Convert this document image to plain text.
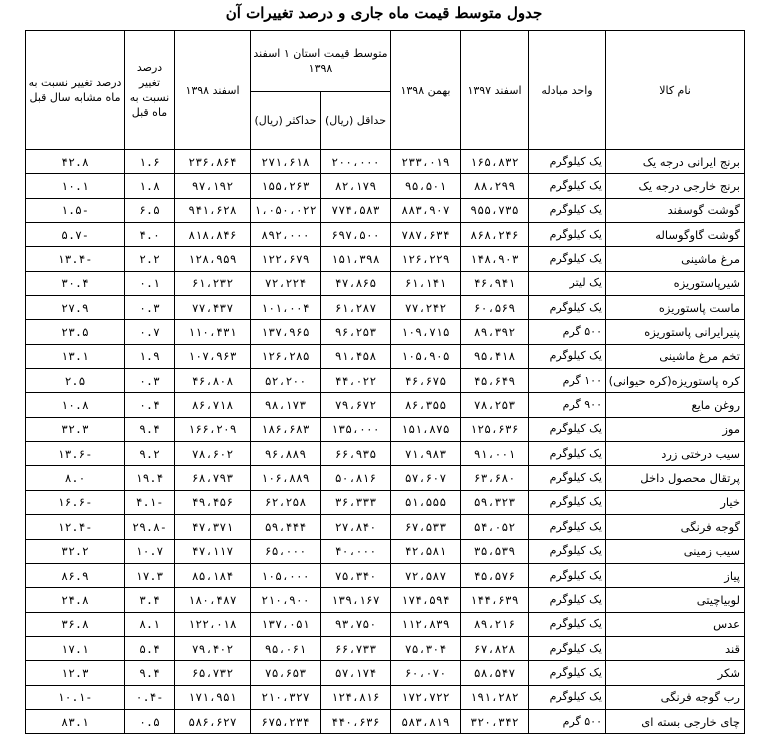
جدول متوسط قیمت ماه جاری و درصد تغییرات آن
نام کالا	واحد مبادله	اسفند ۱۳۹۷	بهمن ۱۳۹۸	متوسط قیمت استان ۱ اسفند ۱۳۹۸		اسفند ۱۳۹۸	درصد تغییر نسبت به ماه قبل	درصد تغییر نسبت به ماه مشابه سال قبل
				حداقل (ریال)	حداکثر (ریال)			
برنج ایرانی درجه یک	یک کیلوگرم	۱۶۵،۸۳۲	۲۳۳،۰۱۹	۲۰۰،۰۰۰	۲۷۱،۶۱۸	۲۳۶،۸۶۴	۱.۶	۴۲.۸
برنج خارجی درجه یک	یک کیلوگرم	۸۸،۲۹۹	۹۵،۵۰۱	۸۲،۱۷۹	۱۵۵،۲۶۳	۹۷،۱۹۲	۱.۸	۱۰.۱
گوشت گوسفند	یک کیلوگرم	۹۵۵،۷۳۵	۸۸۳،۹۰۷	۷۷۴،۵۸۳	۱،۰۵۰،۰۲۲	۹۴۱،۶۲۸	۶.۵	-۱.۵
گوشت گاوگوساله	یک کیلوگرم	۸۶۸،۲۴۶	۷۸۷،۶۳۴	۶۹۷،۵۰۰	۸۹۲،۰۰۰	۸۱۸،۸۴۶	۴.۰	-۵.۷
مرغ ماشینی	یک کیلوگرم	۱۴۸،۹۰۳	۱۲۶،۲۲۹	۱۵۱،۳۹۸	۱۲۲،۶۷۹	۱۲۸،۹۵۹	۲.۲	-۱۳.۴
شیرپاستوریزه	یک لیتر	۴۶،۹۴۱	۶۱،۱۴۱	۴۷،۸۶۵	۷۲،۲۲۴	۶۱،۲۳۲	۰.۱	۳۰.۴
ماست پاستوریزه	یک کیلوگرم	۶۰،۵۶۹	۷۷،۲۴۲	۶۱،۲۸۷	۱۰۱،۰۰۴	۷۷،۴۳۷	۰.۳	۲۷.۹
پنیرایرانی پاستوریزه	۵۰۰ گرم	۸۹،۳۹۲	۱۰۹،۷۱۵	۹۶،۲۵۳	۱۳۷،۹۶۵	۱۱۰،۴۳۱	۰.۷	۲۳.۵
تخم مرغ ماشینی	یک کیلوگرم	۹۵،۴۱۸	۱۰۵،۹۰۵	۹۱،۴۵۸	۱۲۶،۲۸۵	۱۰۷،۹۶۳	۱.۹	۱۳.۱
کره پاستوریزه(کره حیوانی)	۱۰۰ گرم	۴۵،۶۴۹	۴۶،۶۷۵	۴۴،۰۲۲	۵۲،۲۰۰	۴۶،۸۰۸	۰.۳	۲.۵
روغن مایع	۹۰۰ گرم	۷۸،۲۵۳	۸۶،۳۵۵	۷۹،۶۷۲	۹۸،۱۷۳	۸۶،۷۱۸	۰.۴	۱۰.۸
موز	یک کیلوگرم	۱۲۵،۶۳۶	۱۵۱،۸۷۵	۱۳۵،۰۰۰	۱۸۶،۶۸۳	۱۶۶،۲۰۹	۹.۴	۳۲.۳
سیب درختی زرد	یک کیلوگرم	۹۱،۰۰۱	۷۱،۹۸۳	۶۶،۹۳۵	۹۶،۸۸۹	۷۸،۶۰۲	۹.۲	-۱۳.۶
پرتقال محصول داخل	یک کیلوگرم	۶۳،۶۸۰	۵۷،۶۰۷	۵۰،۸۱۶	۱۰۶،۸۸۹	۶۸،۷۹۳	۱۹.۴	۸.۰
خیار	یک کیلوگرم	۵۹،۳۲۳	۵۱،۵۵۵	۳۶،۳۳۳	۶۲،۲۵۸	۴۹،۴۵۶	-۴.۱	-۱۶.۶
گوجه فرنگی	یک کیلوگرم	۵۴،۰۵۲	۶۷،۵۳۳	۲۷،۸۴۰	۵۹،۴۴۴	۴۷،۳۷۱	-۲۹.۸	-۱۲.۴
سیب زمینی	یک کیلوگرم	۳۵،۵۳۹	۴۲،۵۸۱	۴۰،۰۰۰	۶۵،۰۰۰	۴۷،۱۱۷	۱۰.۷	۳۲.۲
پیاز	یک کیلوگرم	۴۵،۵۷۶	۷۲،۵۸۷	۷۵،۳۴۰	۱۰۵،۰۰۰	۸۵،۱۸۴	۱۷.۳	۸۶.۹
لوبیاچیتی	یک کیلوگرم	۱۴۴،۶۳۹	۱۷۴،۵۹۴	۱۳۹،۱۶۷	۲۱۰،۹۰۰	۱۸۰،۴۸۷	۳.۴	۲۴.۸
عدس	یک کیلوگرم	۸۹،۲۱۶	۱۱۲،۸۳۹	۹۳،۷۵۰	۱۳۷،۰۵۱	۱۲۲،۰۱۸	۸.۱	۳۶.۸
قند	یک کیلوگرم	۶۷،۸۲۸	۷۵،۳۰۴	۶۶،۷۳۳	۹۵،۰۶۱	۷۹،۴۰۲	۵.۴	۱۷.۱
شکر	یک کیلوگرم	۵۸،۵۴۷	۶۰،۰۷۰	۵۷،۱۷۴	۷۵،۶۵۳	۶۵،۷۳۲	۹.۴	۱۲.۳
رب گوجه فرنگی	یک کیلوگرم	۱۹۱،۲۸۲	۱۷۲،۷۲۲	۱۲۴،۸۱۶	۲۱۰،۳۲۷	۱۷۱،۹۵۱	-۰.۴	-۱۰.۱
چای خارجی بسته ای	۵۰۰ گرم	۳۲۰،۳۴۲	۵۸۳،۸۱۹	۴۴۰،۶۳۶	۶۷۵،۲۳۴	۵۸۶،۶۲۷	۰.۵	۸۳.۱
